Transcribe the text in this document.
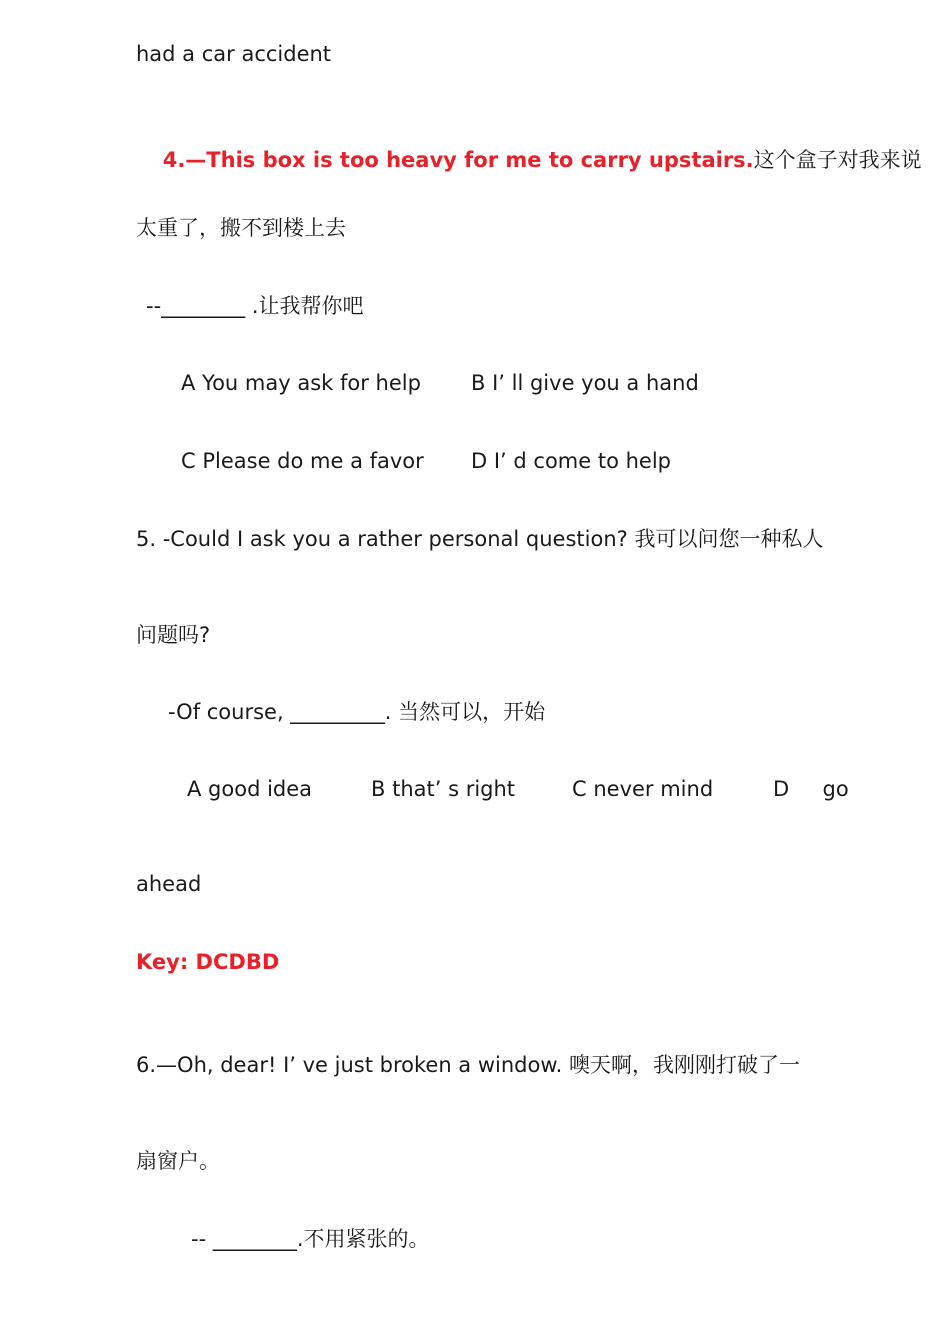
had a car accident

4.—This box is too heavy for me to carry upstairs.这个盒子对我来说

太重了，搬不到楼上去
--________ .让我帮你吧
A You may ask for help B I’ ll give you a hand
C Please do me a favor D I’ d come to help
5. -Could I ask you a rather personal question? 我可以问您一种私人
问题吗?
-Of course, _________. 当然可以，开始
A good idea	B that’ s right	C never mind	D     go
ahead
Key: DCDBD
6.—Oh, dear! I’ ve just broken a window. 噢天啊，我刚刚打破了一
扇窗户。
-- ________.不用紧张的。
